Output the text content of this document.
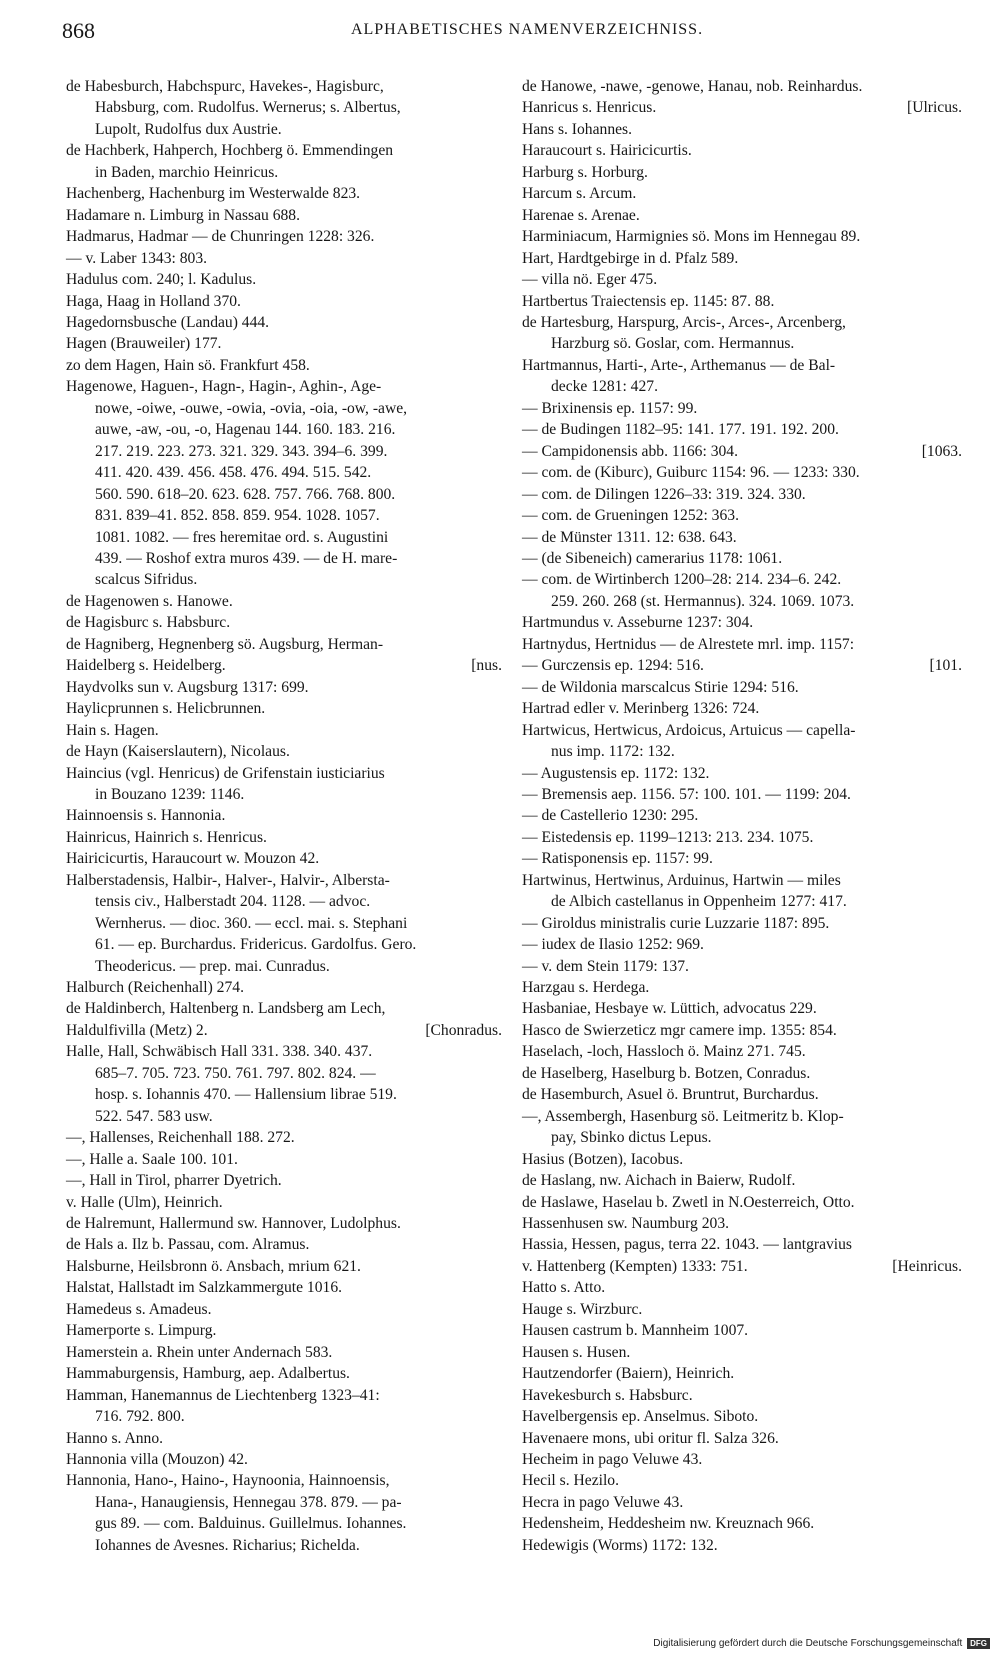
868	ALPHABETISCHES NAMENVERZEICHNISS.
de Habesburch, Habchspurc, Havekes-, Hagisburc,
Habsburg, com. Rudolfus. Wernerus; s. Albertus,
Lupolt, Rudolfus dux Austrie.
de Hachberk, Hahperch, Hochberg ö. Emmendingen
in Baden, marchio Heinricus.
Hachenberg, Hachenburg im Westerwalde 823.
Hadamare n. Limburg in Nassau 688.
Hadmarus, Hadmar — de Chunringen 1228: 326.
— v. Laber 1343: 803.
Hadulus com. 240; l. Kadulus.
Haga, Haag in Holland 370.
Hagedornsbusche (Landau) 444.
Hagen (Brauweiler) 177.
zo dem Hagen, Hain sö. Frankfurt 458.
Hagenowe, Haguen-, Hagn-, Hagin-, Aghin-, Age-
nowe, -oiwe, -ouwe, -owia, -ovia, -oia, -ow, -awe,
auwe, -aw, -ou, -o, Hagenau 144. 160. 183. 216.
217. 219. 223. 273. 321. 329. 343. 394–6. 399.
411. 420. 439. 456. 458. 476. 494. 515. 542.
560. 590. 618–20. 623. 628. 757. 766. 768. 800.
831. 839–41. 852. 858. 859. 954. 1028. 1057.
1081. 1082. — fres heremitae ord. s. Augustini
439. — Roshof extra muros 439. — de H. mare-
scalcus Sifridus.
de Hagenowen s. Hanowe.
de Hagisburc s. Habsburc.
de Hagniberg, Hegnenberg sö. Augsburg, Herman-
[nus.
Haidelberg s. Heidelberg.
Haydvolks sun v. Augsburg 1317: 699.
Haylicprunnen s. Helicbrunnen.
Hain s. Hagen.
de Hayn (Kaiserslautern), Nicolaus.
Haincius (vgl. Henricus) de Grifenstain iusticiarius
in Bouzano 1239: 1146.
Hainnoensis s. Hannonia.
Hainricus, Hainrich s. Henricus.
Hairicicurtis, Haraucourt w. Mouzon 42.
Halberstadensis, Halbir-, Halver-, Halvir-, Albersta-
tensis civ., Halberstadt 204. 1128. — advoc.
Wernherus. — dioc. 360. — eccl. mai. s. Stephani
61. — ep. Burchardus. Fridericus. Gardolfus. Gero.
Theodericus. — prep. mai. Cunradus.
Halburch (Reichenhall) 274.
de Haldinberch, Haltenberg n. Landsberg am Lech,
[Chonradus.
Haldulfivilla (Metz) 2.
Halle, Hall, Schwäbisch Hall 331. 338. 340. 437.
685–7. 705. 723. 750. 761. 797. 802. 824. —
hosp. s. Iohannis 470. — Hallensium librae 519.
522. 547. 583 usw.
—, Hallenses, Reichenhall 188. 272.
—, Halle a. Saale 100. 101.
—, Hall in Tirol, pharrer Dyetrich.
v. Halle (Ulm), Heinrich.
de Halremunt, Hallermund sw. Hannover, Ludolphus.
de Hals a. Ilz b. Passau, com. Alramus.
Halsburne, Heilsbronn ö. Ansbach, mrium 621.
Halstat, Hallstadt im Salzkammergute 1016.
Hamedeus s. Amadeus.
Hamerporte s. Limpurg.
Hamerstein a. Rhein unter Andernach 583.
Hammaburgensis, Hamburg, aep. Adalbertus.
Hamman, Hanemannus de Liechtenberg 1323–41:
716. 792. 800.
Hanno s. Anno.
Hannonia villa (Mouzon) 42.
Hannonia, Hano-, Haino-, Haynoonia, Hainnoensis,
Hana-, Hanaugiensis, Hennegau 378. 879. — pa-
gus 89. — com. Balduinus. Guillelmus. Iohannes.
Iohannes de Avesnes. Richarius; Richelda.
de Hanowe, -nawe, -genowe, Hanau, nob. Reinhardus.
[Ulricus.
Hanricus s. Henricus.
Hans s. Iohannes.
Haraucourt s. Hairicicurtis.
Harburg s. Horburg.
Harcum s. Arcum.
Harenae s. Arenae.
Harminiacum, Harmignies sö. Mons im Hennegau 89.
Hart, Hardtgebirge in d. Pfalz 589.
— villa nö. Eger 475.
Hartbertus Traiectensis ep. 1145: 87. 88.
de Hartesburg, Harspurg, Arcis-, Arces-, Arcenberg,
Harzburg sö. Goslar, com. Hermannus.
Hartmannus, Harti-, Arte-, Arthemanus — de Bal-
decke 1281: 427.
— Brixinensis ep. 1157: 99.
— de Budingen 1182–95: 141. 177. 191. 192. 200.
[1063.
— Campidonensis abb. 1166: 304.
— com. de (Kiburc), Guiburc 1154: 96. — 1233: 330.
— com. de Dilingen 1226–33: 319. 324. 330.
— com. de Grueningen 1252: 363.
— de Münster 1311. 12: 638. 643.
— (de Sibeneich) camerarius 1178: 1061.
— com. de Wirtinberch 1200–28: 214. 234–6. 242.
259. 260. 268 (st. Hermannus). 324. 1069. 1073.
Hartmundus v. Asseburne 1237: 304.
Hartnydus, Hertnidus — de Alrestete mrl. imp. 1157:
[101.
— Gurczensis ep. 1294: 516.
— de Wildonia marscalcus Stirie 1294: 516.
Hartrad edler v. Merinberg 1326: 724.
Hartwicus, Hertwicus, Ardoicus, Artuicus — capella-
nus imp. 1172: 132.
— Augustensis ep. 1172: 132.
— Bremensis aep. 1156. 57: 100. 101. — 1199: 204.
— de Castellerio 1230: 295.
— Eistedensis ep. 1199–1213: 213. 234. 1075.
— Ratisponensis ep. 1157: 99.
Hartwinus, Hertwinus, Arduinus, Hartwin — miles
de Albich castellanus in Oppenheim 1277: 417.
— Giroldus ministralis curie Luzzarie 1187: 895.
— iudex de Ilasio 1252: 969.
— v. dem Stein 1179: 137.
Harzgau s. Herdega.
Hasbaniae, Hesbaye w. Lüttich, advocatus 229.
Hasco de Swierzeticz mgr camere imp. 1355: 854.
Haselach, -loch, Hassloch ö. Mainz 271. 745.
de Haselberg, Haselburg b. Botzen, Conradus.
de Hasemburch, Asuel ö. Bruntrut, Burchardus.
—, Assembergh, Hasenburg sö. Leitmeritz b. Klop-
pay, Sbinko dictus Lepus.
Hasius (Botzen), Iacobus.
de Haslang, nw. Aichach in Baierw, Rudolf.
de Haslawe, Haselau b. Zwetl in N.Oesterreich, Otto.
Hassenhusen sw. Naumburg 203.
Hassia, Hessen, pagus, terra 22. 1043. — lantgravius
[Heinricus.
v. Hattenberg (Kempten) 1333: 751.
Hatto s. Atto.
Hauge s. Wirzburc.
Hausen castrum b. Mannheim 1007.
Hausen s. Husen.
Hautzendorfer (Baiern), Heinrich.
Havekesburch s. Habsburc.
Havelbergensis ep. Anselmus. Siboto.
Havenaere mons, ubi oritur fl. Salza 326.
Hecheim in pago Veluwe 43.
Hecil s. Hezilo.
Hecra in pago Veluwe 43.
Hedensheim, Heddesheim nw. Kreuznach 966.
Hedewigis (Worms) 1172: 132.
Digitalisierung gefördert durch die Deutsche Forschungsgemeinschaft DFG
